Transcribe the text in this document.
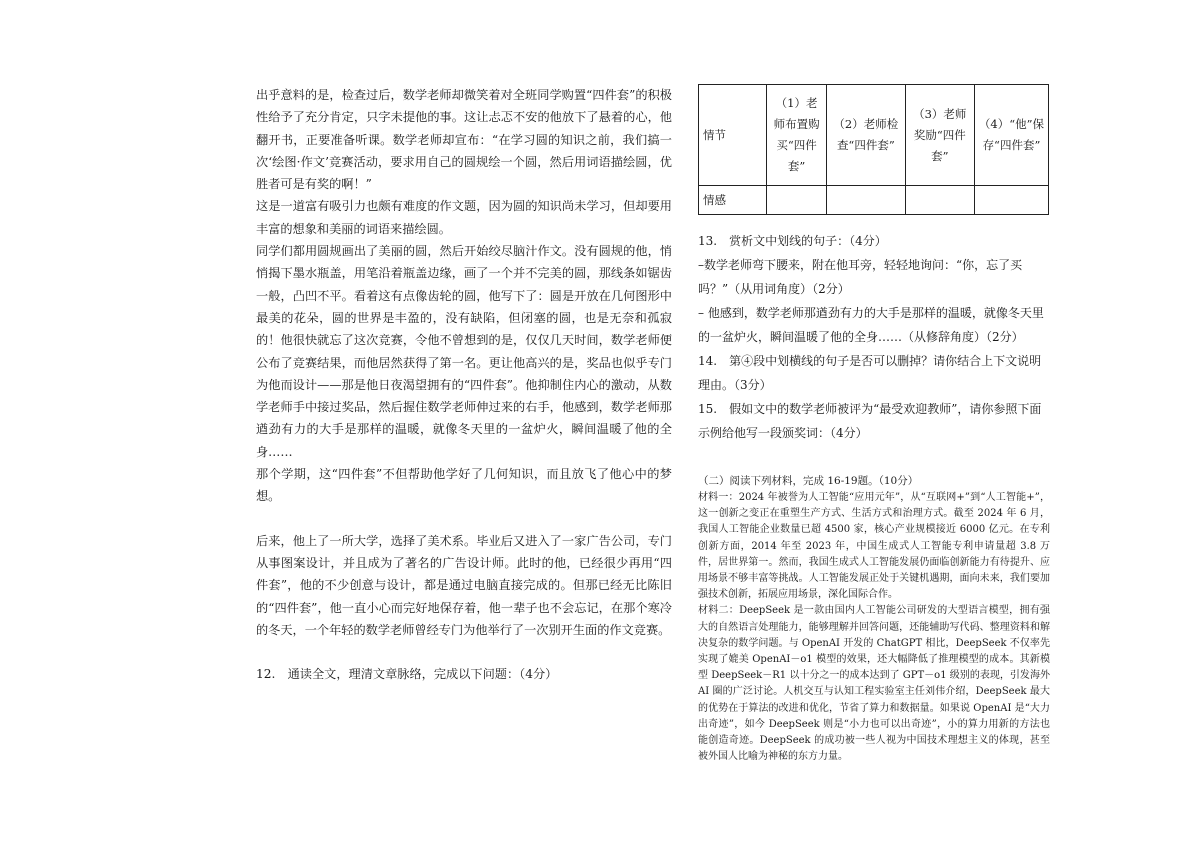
出乎意料的是，检查过后，数学老师却微笑着对全班同学购置“四件套”的积极性给予了充分肯定，只字未提他的事。这让忐忑不安的他放下了悬着的心，他翻开书，正要准备听课。数学老师却宣布：“在学习圆的知识之前，我们搞一次‘绘图·作文’竞赛活动，要求用自己的圆规绘一个圆，然后用词语描绘圆，优胜者可是有奖的啊！”

这是一道富有吸引力也颇有难度的作文题，因为圆的知识尚未学习，但却要用丰富的想象和美丽的词语来描绘圆。

同学们都用圆规画出了美丽的圆，然后开始绞尽脑汁作文。没有圆规的他，悄悄揭下墨水瓶盖，用笔沿着瓶盖边缘，画了一个并不完美的圆，那线条如锯齿一般，凸凹不平。看着这有点像齿轮的圆，他写下了：圆是开放在几何图形中最美的花朵，圆的世界是丰盈的，没有缺陷，但闭塞的圆，也是无奈和孤寂的！他很快就忘了这次竞赛，令他不曾想到的是，仅仅几天时间，数学老师便公布了竞赛结果，而他居然获得了第一名。更让他高兴的是，奖品也似乎专门为他而设计——那是他日夜渴望拥有的“四件套”。他抑制住内心的激动，从数学老师手中接过奖品，然后握住数学老师伸过来的右手，他感到，数学老师那遒劲有力的大手是那样的温暖，就像冬天里的一盆炉火，瞬间温暖了他的全身……

那个学期，这“四件套”不但帮助他学好了几何知识，而且放飞了他心中的梦想。

后来，他上了一所大学，选择了美术系。毕业后又进入了一家广告公司，专门从事图案设计，并且成为了著名的广告设计师。此时的他，已经很少再用“四件套”，他的不少创意与设计，都是通过电脑直接完成的。但那已经无比陈旧的“四件套”，他一直小心而完好地保存着，他一辈子也不会忘记，在那个寒冷的冬天，一个年轻的数学老师曾经专门为他举行了一次别开生面的作文竞赛。

12.　通读全文，理清文章脉络，完成以下问题：（4分）

情节	（1）老师布置购买“四件套”	（2）老师检查“四件套”	（3）老师奖励“四件套”	（4）“他”保存“四件套”
情感				

13.　赏析文中划线的句子：（4分）

–数学老师弯下腰来，附在他耳旁，轻轻地询问：“你，忘了买吗？”（从用词角度）（2分）

– 他感到，数学老师那遒劲有力的大手是那样的温暖，就像冬天里的一盆炉火，瞬间温暖了他的全身……（从修辞角度）（2分）

14.　第④段中划横线的句子是否可以删掉？请你结合上下文说明理由。（3分）

15.　假如文中的数学老师被评为“最受欢迎教师”，请你参照下面示例给他写一段颁奖词：（4分）

（二）阅读下列材料，完成 16-19题。（10分）

材料一：2024 年被誉为人工智能“应用元年”，从“互联网+”到“人工智能+”，这一创新之变正在重塑生产方式、生活方式和治理方式。截至 2024 年 6 月，我国人工智能企业数量已超 4500 家，核心产业规模接近 6000 亿元。在专利创新方面，2014 年至 2023 年，中国生成式人工智能专利申请量超 3.8 万件，居世界第一。然而，我国生成式人工智能发展仍面临创新能力有待提升、应用场景不够丰富等挑战。人工智能发展正处于关键机遇期，面向未来，我们要加强技术创新，拓展应用场景，深化国际合作。

材料二：DeepSeek 是一款由国内人工智能公司研发的大型语言模型，拥有强大的自然语言处理能力，能够理解并回答问题，还能辅助写代码、整理资料和解决复杂的数学问题。与 OpenAI 开发的 ChatGPT 相比，DeepSeek 不仅率先实现了媲美 OpenAI－o1 模型的效果，还大幅降低了推理模型的成本。其新模型 DeepSeek－R1 以十分之一的成本达到了 GPT－o1 级别的表现，引发海外 AI 圈的广泛讨论。人机交互与认知工程实验室主任刘伟介绍，DeepSeek 最大的优势在于算法的改进和优化，节省了算力和数据量。如果说 OpenAI 是“大力出奇迹”，如今 DeepSeek 则是“小力也可以出奇迹”，小的算力用新的方法也能创造奇迹。DeepSeek 的成功被一些人视为中国技术理想主义的体现，甚至被外国人比喻为神秘的东方力量。
